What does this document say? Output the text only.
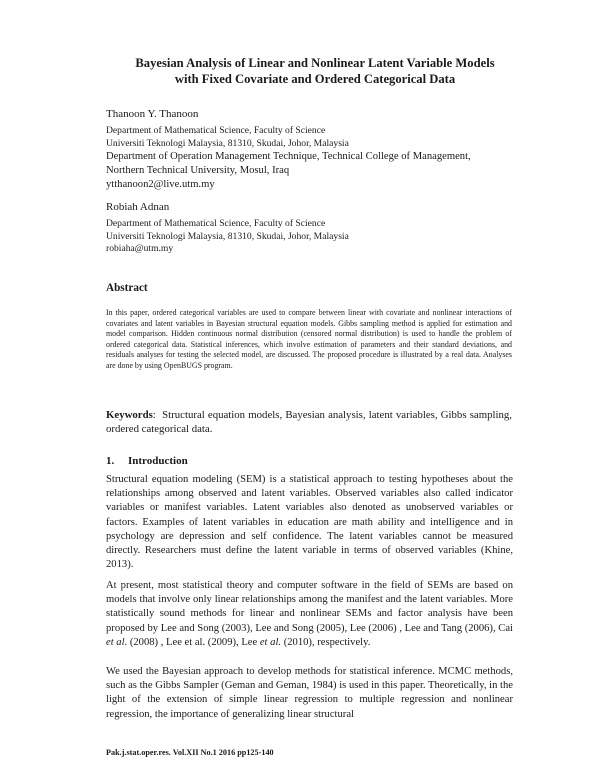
Bayesian Analysis of Linear and Nonlinear Latent Variable Models
with Fixed Covariate and Ordered Categorical Data
Thanoon Y. Thanoon
Department of Mathematical Science, Faculty of Science
Universiti Teknologi Malaysia, 81310, Skudai, Johor, Malaysia
Department of Operation Management Technique, Technical College of Management,
Northern Technical University, Mosul, Iraq
ytthanoon2@live.utm.my
Robiah Adnan
Department of Mathematical Science, Faculty of Science
Universiti Teknologi Malaysia, 81310, Skudai, Johor, Malaysia
robiaha@utm.my
Abstract
In this paper, ordered categorical variables are used to compare between linear with covariate and nonlinear interactions of covariates and latent variables in Bayesian structural equation models. Gibbs sampling method is applied for estimation and model comparison. Hidden continuous normal distribution (censored normal distribution) is used to handle the problem of ordered categorical data. Statistical inferences, which involve estimation of parameters and their standard deviations, and residuals analyses for testing the selected model, are discussed. The proposed procedure is illustrated by a real data. Analyses are done by using OpenBUGS program.
Keywords: Structural equation models, Bayesian analysis, latent variables, Gibbs sampling, ordered categorical data.
1. Introduction
Structural equation modeling (SEM) is a statistical approach to testing hypotheses about the relationships among observed and latent variables. Observed variables also called indicator variables or manifest variables. Latent variables also denoted as unobserved variables or factors. Examples of latent variables in education are math ability and intelligence and in psychology are depression and self confidence. The latent variables cannot be measured directly. Researchers must define the latent variable in terms of observed variables (Khine, 2013).
At present, most statistical theory and computer software in the field of SEMs are based on models that involve only linear relationships among the manifest and the latent variables. More statistically sound methods for linear and nonlinear SEMs and factor analysis have been proposed by Lee and Song (2003), Lee and Song (2005), Lee (2006) , Lee and Tang (2006), Cai et al. (2008) , Lee et al. (2009), Lee et al. (2010), respectively.
We used the Bayesian approach to develop methods for statistical inference. MCMC methods, such as the Gibbs Sampler (Geman and Geman, 1984) is used in this paper. Theoretically, in the light of the extension of simple linear regression to multiple regression and nonlinear regression, the importance of generalizing linear structural
Pak.j.stat.oper.res. Vol.XII No.1 2016 pp125-140
